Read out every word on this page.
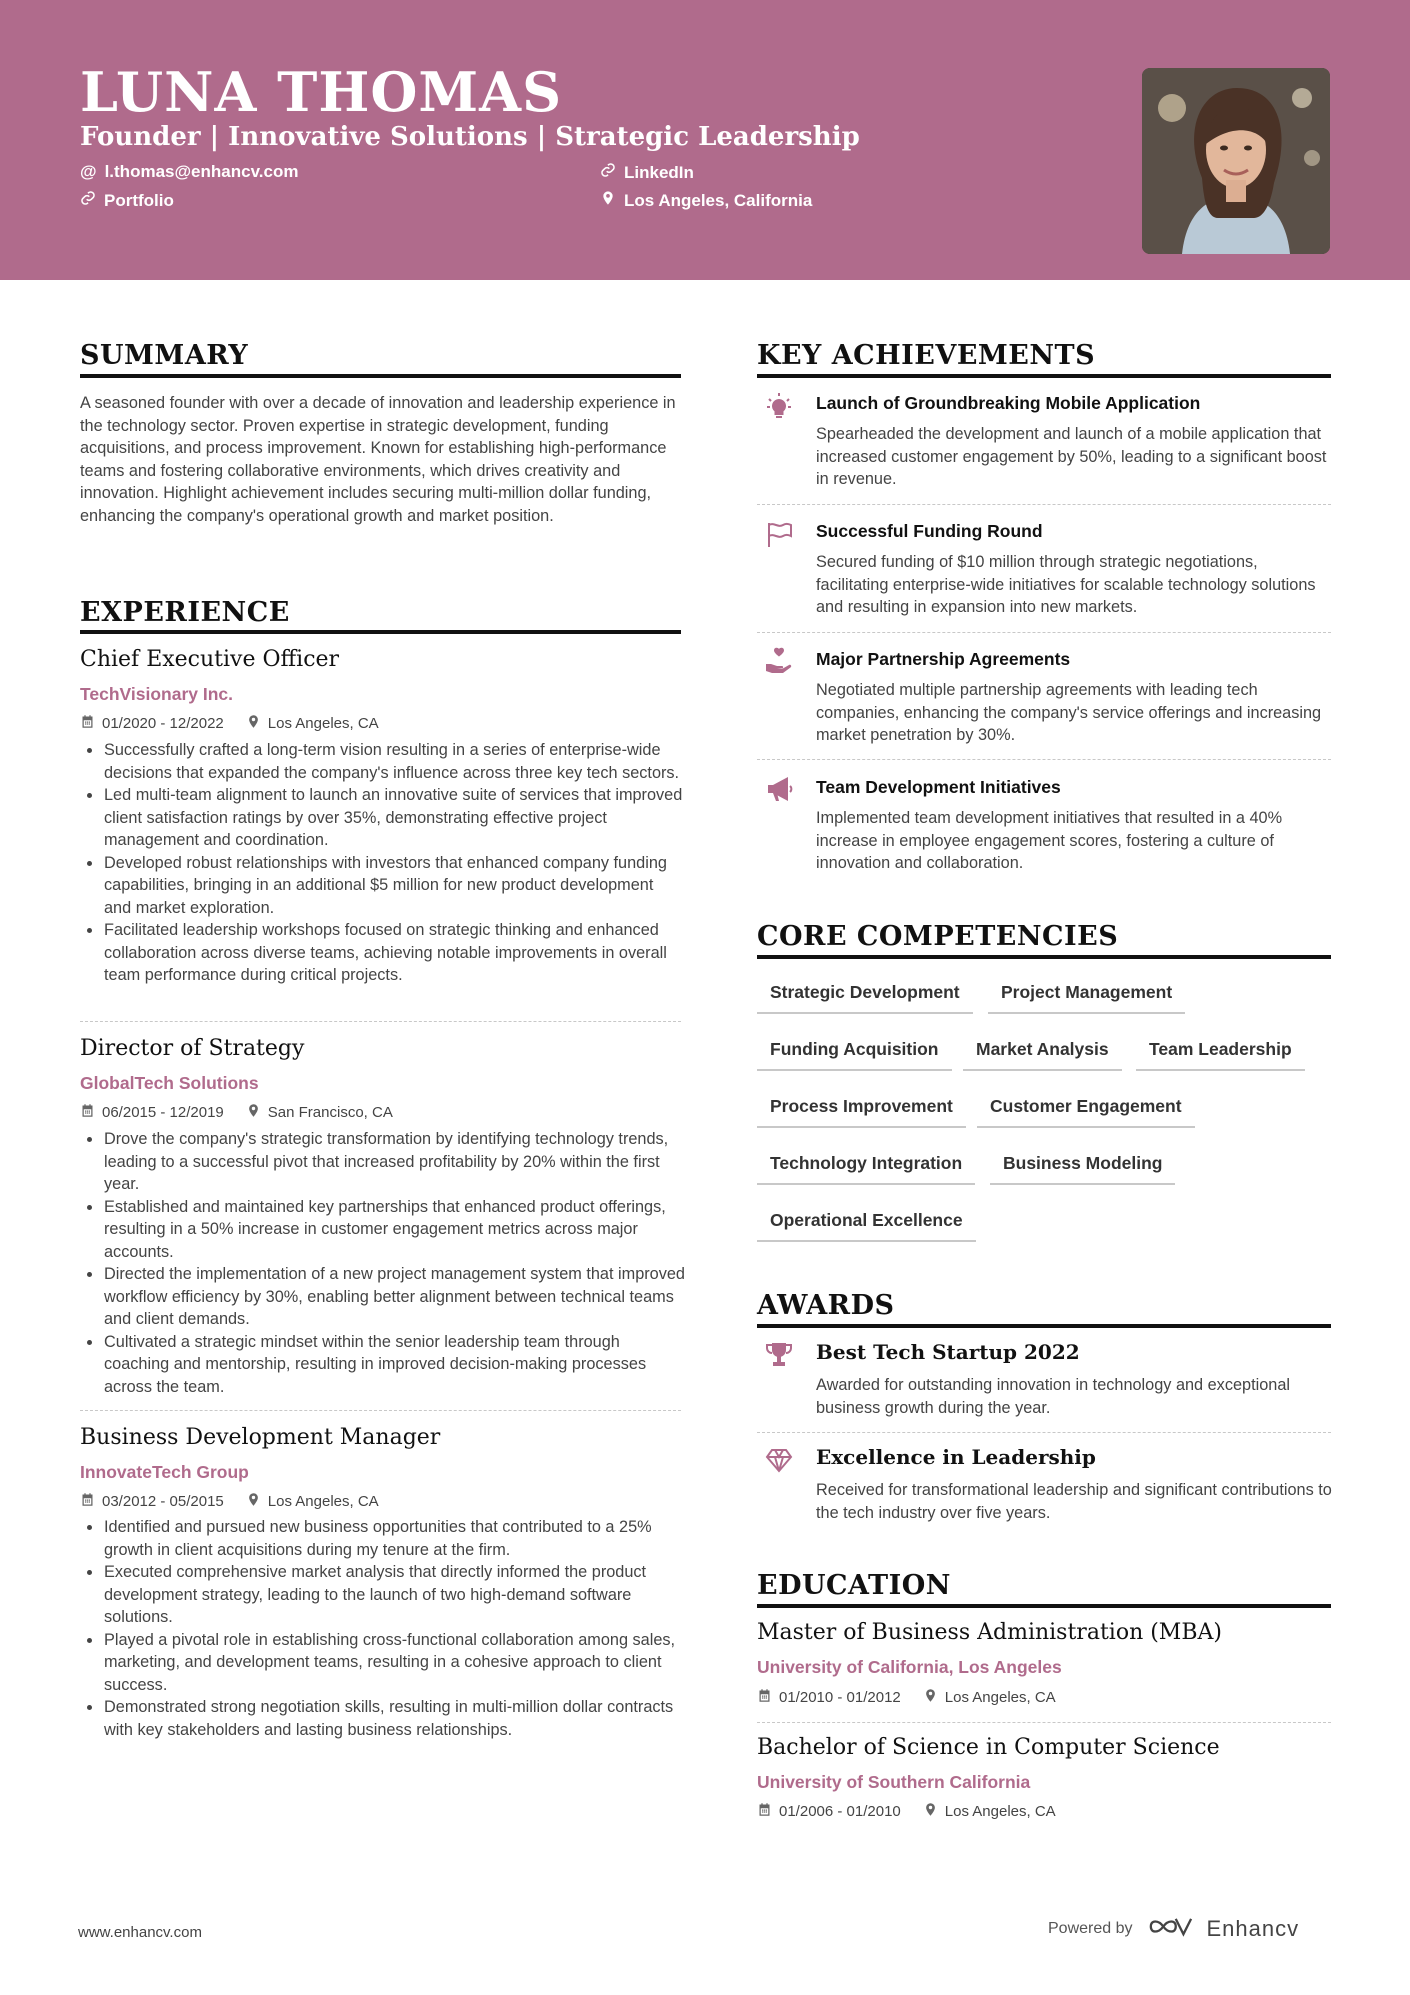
LUNA THOMAS
Founder | Innovative Solutions | Strategic Leadership
@ l.thomas@enhancv.com	LinkedIn
Portfolio	Los Angeles, California
SUMMARY
A seasoned founder with over a decade of innovation and leadership experience in the technology sector. Proven expertise in strategic development, funding acquisitions, and process improvement. Known for establishing high-performance teams and fostering collaborative environments, which drives creativity and innovation. Highlight achievement includes securing multi-million dollar funding, enhancing the company's operational growth and market position.
EXPERIENCE
Chief Executive Officer
TechVisionary Inc.
01/2020 - 12/2022	Los Angeles, CA
Successfully crafted a long-term vision resulting in a series of enterprise-wide decisions that expanded the company's influence across three key tech sectors.
Led multi-team alignment to launch an innovative suite of services that improved client satisfaction ratings by over 35%, demonstrating effective project management and coordination.
Developed robust relationships with investors that enhanced company funding capabilities, bringing in an additional $5 million for new product development and market exploration.
Facilitated leadership workshops focused on strategic thinking and enhanced collaboration across diverse teams, achieving notable improvements in overall team performance during critical projects.
Director of Strategy
GlobalTech Solutions
06/2015 - 12/2019	San Francisco, CA
Drove the company's strategic transformation by identifying technology trends, leading to a successful pivot that increased profitability by 20% within the first year.
Established and maintained key partnerships that enhanced product offerings, resulting in a 50% increase in customer engagement metrics across major accounts.
Directed the implementation of a new project management system that improved workflow efficiency by 30%, enabling better alignment between technical teams and client demands.
Cultivated a strategic mindset within the senior leadership team through coaching and mentorship, resulting in improved decision-making processes across the team.
Business Development Manager
InnovateTech Group
03/2012 - 05/2015	Los Angeles, CA
Identified and pursued new business opportunities that contributed to a 25% growth in client acquisitions during my tenure at the firm.
Executed comprehensive market analysis that directly informed the product development strategy, leading to the launch of two high-demand software solutions.
Played a pivotal role in establishing cross-functional collaboration among sales, marketing, and development teams, resulting in a cohesive approach to client success.
Demonstrated strong negotiation skills, resulting in multi-million dollar contracts with key stakeholders and lasting business relationships.
KEY ACHIEVEMENTS
Launch of Groundbreaking Mobile Application
Spearheaded the development and launch of a mobile application that increased customer engagement by 50%, leading to a significant boost in revenue.
Successful Funding Round
Secured funding of $10 million through strategic negotiations, facilitating enterprise-wide initiatives for scalable technology solutions and resulting in expansion into new markets.
Major Partnership Agreements
Negotiated multiple partnership agreements with leading tech companies, enhancing the company's service offerings and increasing market penetration by 30%.
Team Development Initiatives
Implemented team development initiatives that resulted in a 40% increase in employee engagement scores, fostering a culture of innovation and collaboration.
CORE COMPETENCIES
Strategic Development	Project Management
Funding Acquisition	Market Analysis	Team Leadership
Process Improvement	Customer Engagement
Technology Integration	Business Modeling
Operational Excellence
AWARDS
Best Tech Startup 2022
Awarded for outstanding innovation in technology and exceptional business growth during the year.
Excellence in Leadership
Received for transformational leadership and significant contributions to the tech industry over five years.
EDUCATION
Master of Business Administration (MBA)
University of California, Los Angeles
01/2010 - 01/2012	Los Angeles, CA
Bachelor of Science in Computer Science
University of Southern California
01/2006 - 01/2010	Los Angeles, CA
www.enhancv.com	Powered by	Enhancv
